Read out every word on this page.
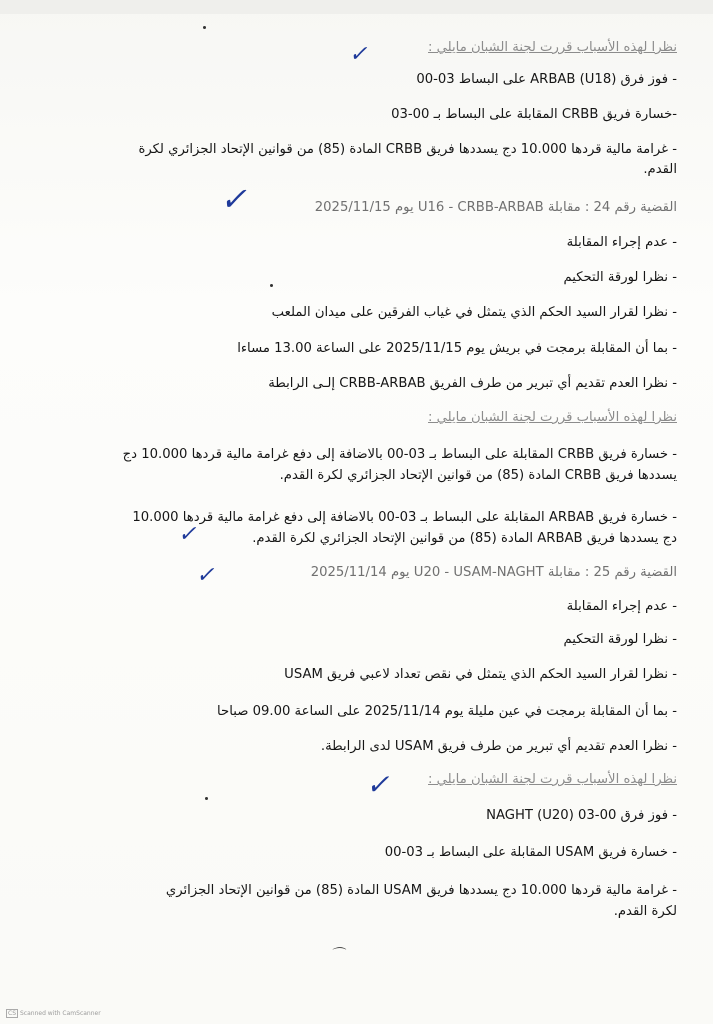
نظرا لهذه الأسباب قررت لجنة الشبان مايلي :
✓
- فوز فرق ARBAB (U18) على البساط 03-00
-خسارة فريق CRBB المقابلة على البساط بـ 00-03
- غرامة مالية قردها 10.000 دج يسددها فريق CRBB المادة (85) من قوانين الإتحاد الجزائري لكرة
القدم.
✓	القضية رقم 24 : مقابلة U16 - CRBB-ARBAB يوم 2025/11/15
- عدم إجراء المقابلة
- نظرا لورقة التحكيم
- نظرا لقرار السيد الحكم الذي يتمثل في غياب الفرقين على ميدان الملعب
- بما أن المقابلة برمجت في بريش يوم 2025/11/15 على الساعة 13.00 مساءا
- نظرا العدم تقديم أي تبرير من طرف الفريق CRBB-ARBAB إلـى الرابطة
نظرا لهذه الأسباب قررت لجنة الشبان مايلي :
- خسارة فريق CRBB المقابلة على البساط بـ 03-00 بالاضافة إلى دفع غرامة مالية قردها 10.000 دج
يسددها فريق CRBB المادة (85) من قوانين الإتحاد الجزائري لكرة القدم.
- خسارة فريق ARBAB المقابلة على البساط بـ 03-00 بالاضافة إلى دفع غرامة مالية قردها 10.000
دج يسددها فريق ARBAB المادة (85) من قوانين الإتحاد الجزائري لكرة القدم.
✓
✓	القضية رقم 25 : مقابلة U20 - USAM-NAGHT يوم 2025/11/14
- عدم إجراء المقابلة
- نظرا لورقة التحكيم
- نظرا لقرار السيد الحكم الذي يتمثل في نقص تعداد لاعبي فريق USAM
- بما أن المقابلة برمجت في عين مليلة يوم 2025/11/14 على الساعة 09.00 صباحا
- نظرا العدم تقديم أي تبرير من طرف فريق USAM لدى الرابطة.
نظرا لهذه الأسباب قررت لجنة الشبان مايلي :
✓
- فوز فرق NAGHT (U20) 03-00
- خسارة فريق USAM المقابلة على البساط بـ 03-00
- غرامة مالية قردها 10.000 دج يسددها فريق USAM المادة (85) من قوانين الإتحاد الجزائري
لكرة القدم.
⌒
CS Scanned with CamScanner
